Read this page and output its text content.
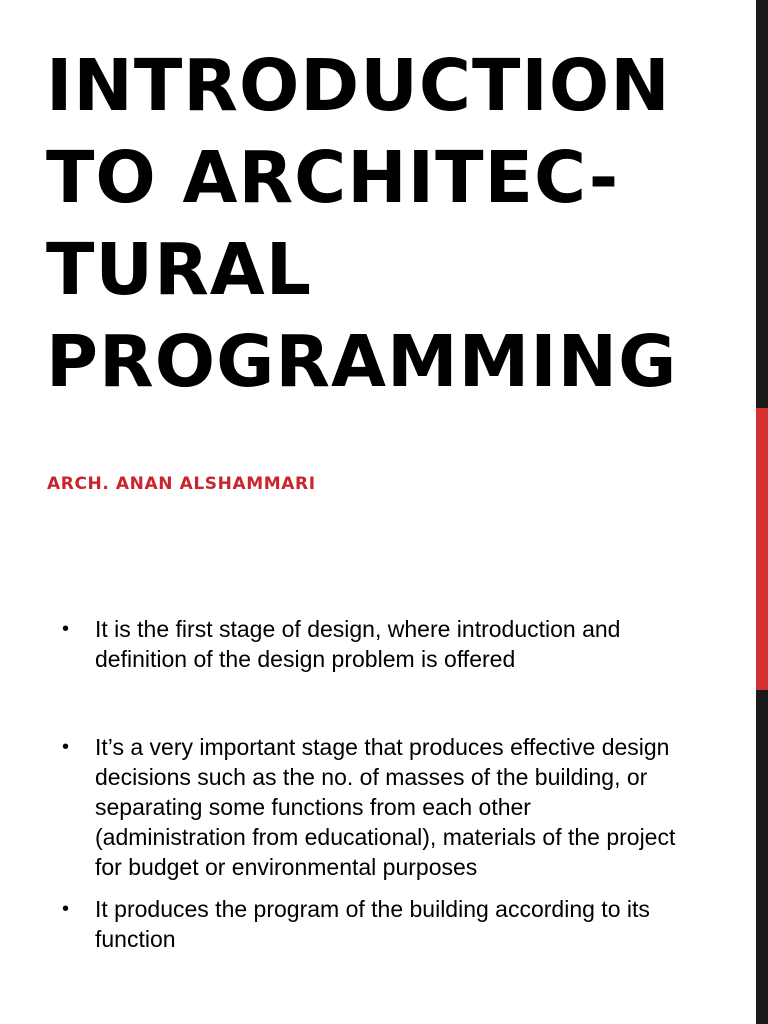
INTRODUCTION
TO ARCHITEC-
TURAL
PROGRAMMING

ARCH. ANAN ALSHAMMARI

• It is the first stage of design, where introduction and definition of the design problem is offered
• It’s a very important stage that produces effective design decisions such as the no. of masses of the building, or separating some functions from each other (administration from educational), materials of the project for budget or environmental purposes
• It produces the program of the building according to its function
